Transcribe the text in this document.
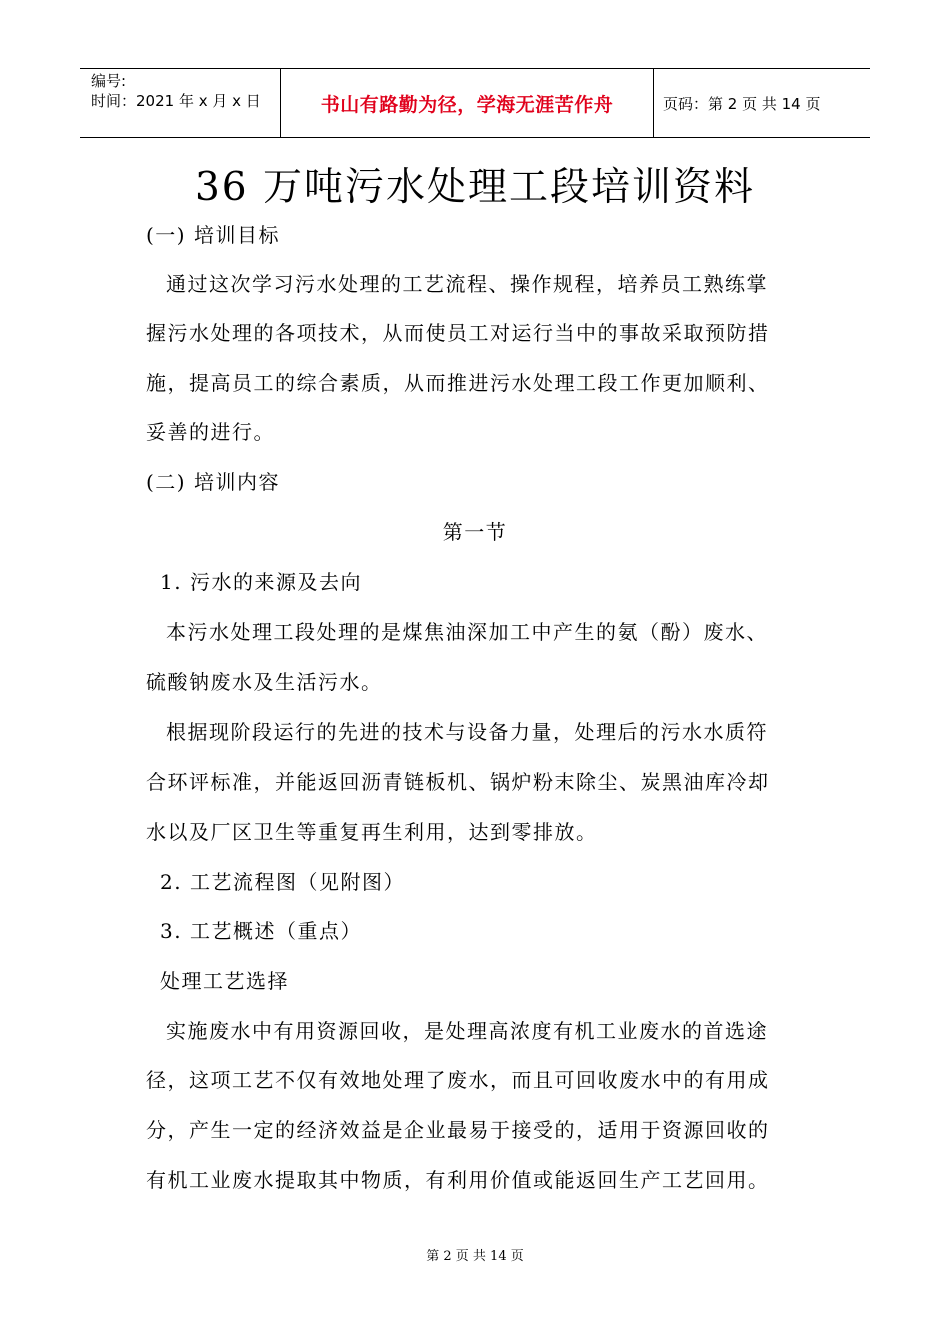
编号:
时间：2021 年 x 月 x 日	书山有路勤为径，学海无涯苦作舟	页码：第 2 页 共 14 页
36 万吨污水处理工段培训资料
(一) 培训目标
通过这次学习污水处理的工艺流程、操作规程，培养员工熟练掌
握污水处理的各项技术，从而使员工对运行当中的事故采取预防措
施，提高员工的综合素质，从而推进污水处理工段工作更加顺利、
妥善的进行。
(二) 培训内容
第一节
1. 污水的来源及去向
本污水处理工段处理的是煤焦油深加工中产生的氨（酚）废水、
硫酸钠废水及生活污水。
根据现阶段运行的先进的技术与设备力量，处理后的污水水质符
合环评标准，并能返回沥青链板机、锅炉粉末除尘、炭黑油库冷却
水以及厂区卫生等重复再生利用，达到零排放。
2. 工艺流程图（见附图）
3. 工艺概述（重点）
处理工艺选择
实施废水中有用资源回收，是处理高浓度有机工业废水的首选途
径，这项工艺不仅有效地处理了废水，而且可回收废水中的有用成
分，产生一定的经济效益是企业最易于接受的，适用于资源回收的
有机工业废水提取其中物质，有利用价值或能返回生产工艺回用。
第 2 页 共 14 页
